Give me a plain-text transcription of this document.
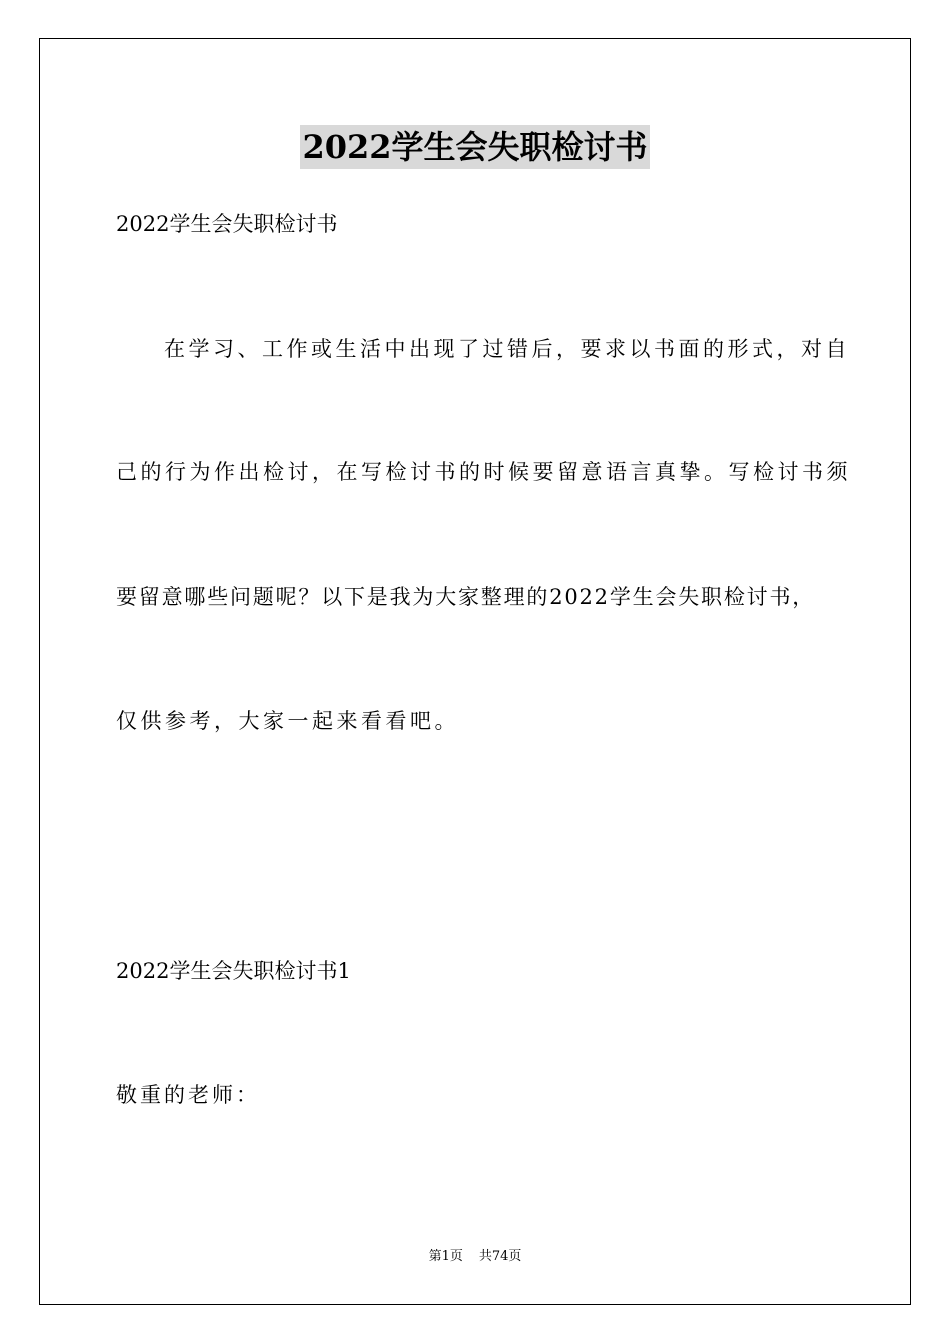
2022学生会失职检讨书
2022学生会失职检讨书
在学习、工作或生活中出现了过错后，要求以书面的形式，对自
己的行为作出检讨，在写检讨书的时候要留意语言真挚。写检讨书须
要留意哪些问题呢？以下是我为大家整理的2022学生会失职检讨书，
仅供参考，大家一起来看看吧。
2022学生会失职检讨书1
敬重的老师：
第1页 共74页
